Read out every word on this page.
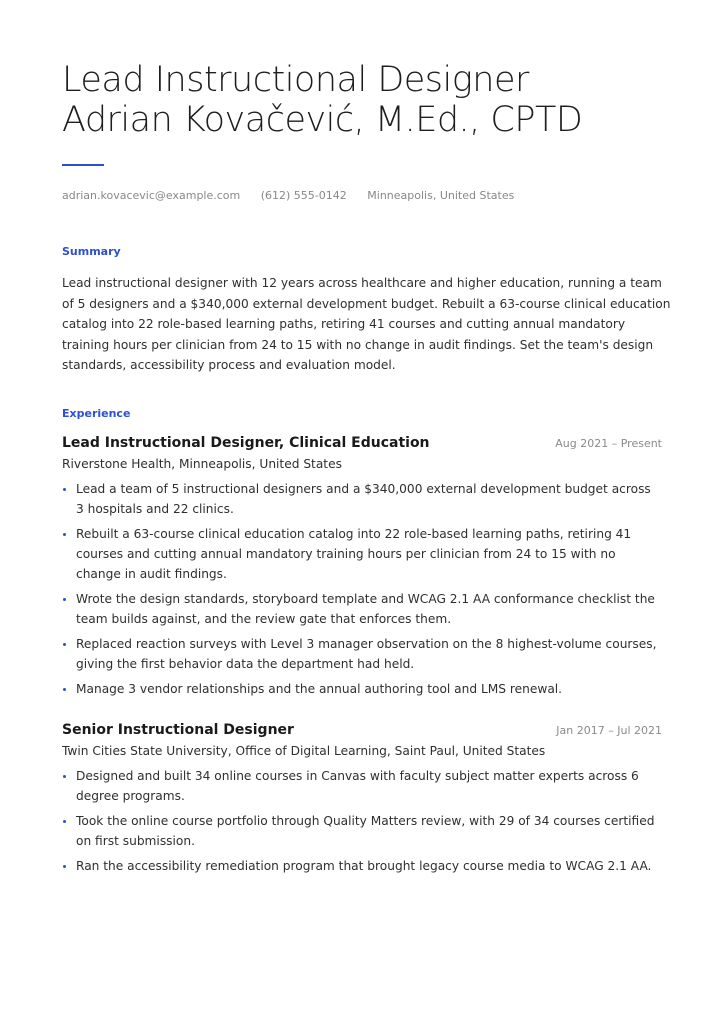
Lead Instructional Designer
Adrian Kovačević, M.Ed., CPTD
adrian.kovacevic@example.com (612) 555-0142 Minneapolis, United States
Summary
Lead instructional designer with 12 years across healthcare and higher education, running a team of 5 designers and a $340,000 external development budget. Rebuilt a 63-course clinical education catalog into 22 role-based learning paths, retiring 41 courses and cutting annual mandatory training hours per clinician from 24 to 15 with no change in audit findings. Set the team's design standards, accessibility process and evaluation model.
Experience
Lead Instructional Designer, Clinical Education	Aug 2021 – Present
Riverstone Health, Minneapolis, United States
Lead a team of 5 instructional designers and a $340,000 external development budget across 3 hospitals and 22 clinics.
Rebuilt a 63-course clinical education catalog into 22 role-based learning paths, retiring 41 courses and cutting annual mandatory training hours per clinician from 24 to 15 with no change in audit findings.
Wrote the design standards, storyboard template and WCAG 2.1 AA conformance checklist the team builds against, and the review gate that enforces them.
Replaced reaction surveys with Level 3 manager observation on the 8 highest-volume courses, giving the first behavior data the department had held.
Manage 3 vendor relationships and the annual authoring tool and LMS renewal.
Senior Instructional Designer	Jan 2017 – Jul 2021
Twin Cities State University, Office of Digital Learning, Saint Paul, United States
Designed and built 34 online courses in Canvas with faculty subject matter experts across 6 degree programs.
Took the online course portfolio through Quality Matters review, with 29 of 34 courses certified on first submission.
Ran the accessibility remediation program that brought legacy course media to WCAG 2.1 AA.
